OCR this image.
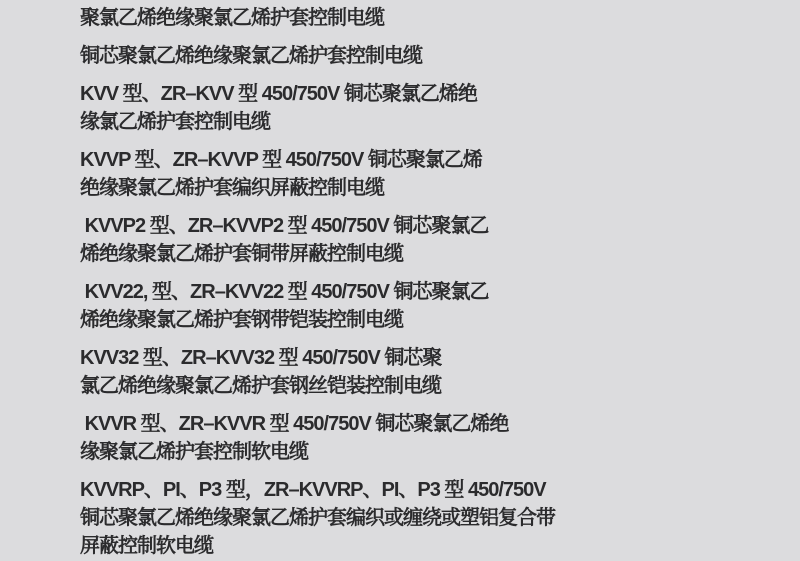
聚氯乙烯绝缘聚氯乙烯护套控制电缆

铜芯聚氯乙烯绝缘聚氯乙烯护套控制电缆

KVV 型、ZR–KVV 型 450/750V 铜芯聚氯乙烯绝
缘氯乙烯护套控制电缆

KVVP 型、ZR–KVVP 型 450/750V 铜芯聚氯乙烯
绝缘聚氯乙烯护套编织屏蔽控制电缆

KVVP2 型、ZR–KVVP2 型 450/750V 铜芯聚氯乙
烯绝缘聚氯乙烯护套铜带屏蔽控制电缆

KVV22, 型、ZR–KVV22 型 450/750V 铜芯聚氯乙
烯绝缘聚氯乙烯护套钢带铠装控制电缆

KVV32 型、ZR–KVV32 型 450/750V 铜芯聚
氯乙烯绝缘聚氯乙烯护套钢丝铠装控制电缆

KVVR 型、ZR–KVVR 型 450/750V 铜芯聚氯乙烯绝
缘聚氯乙烯护套控制软电缆

KVVRP、PI、P3 型，ZR–KVVRP、PI、P3 型 450/750V
铜芯聚氯乙烯绝缘聚氯乙烯护套编织或缠绕或塑铝复合带
屏蔽控制软电缆
